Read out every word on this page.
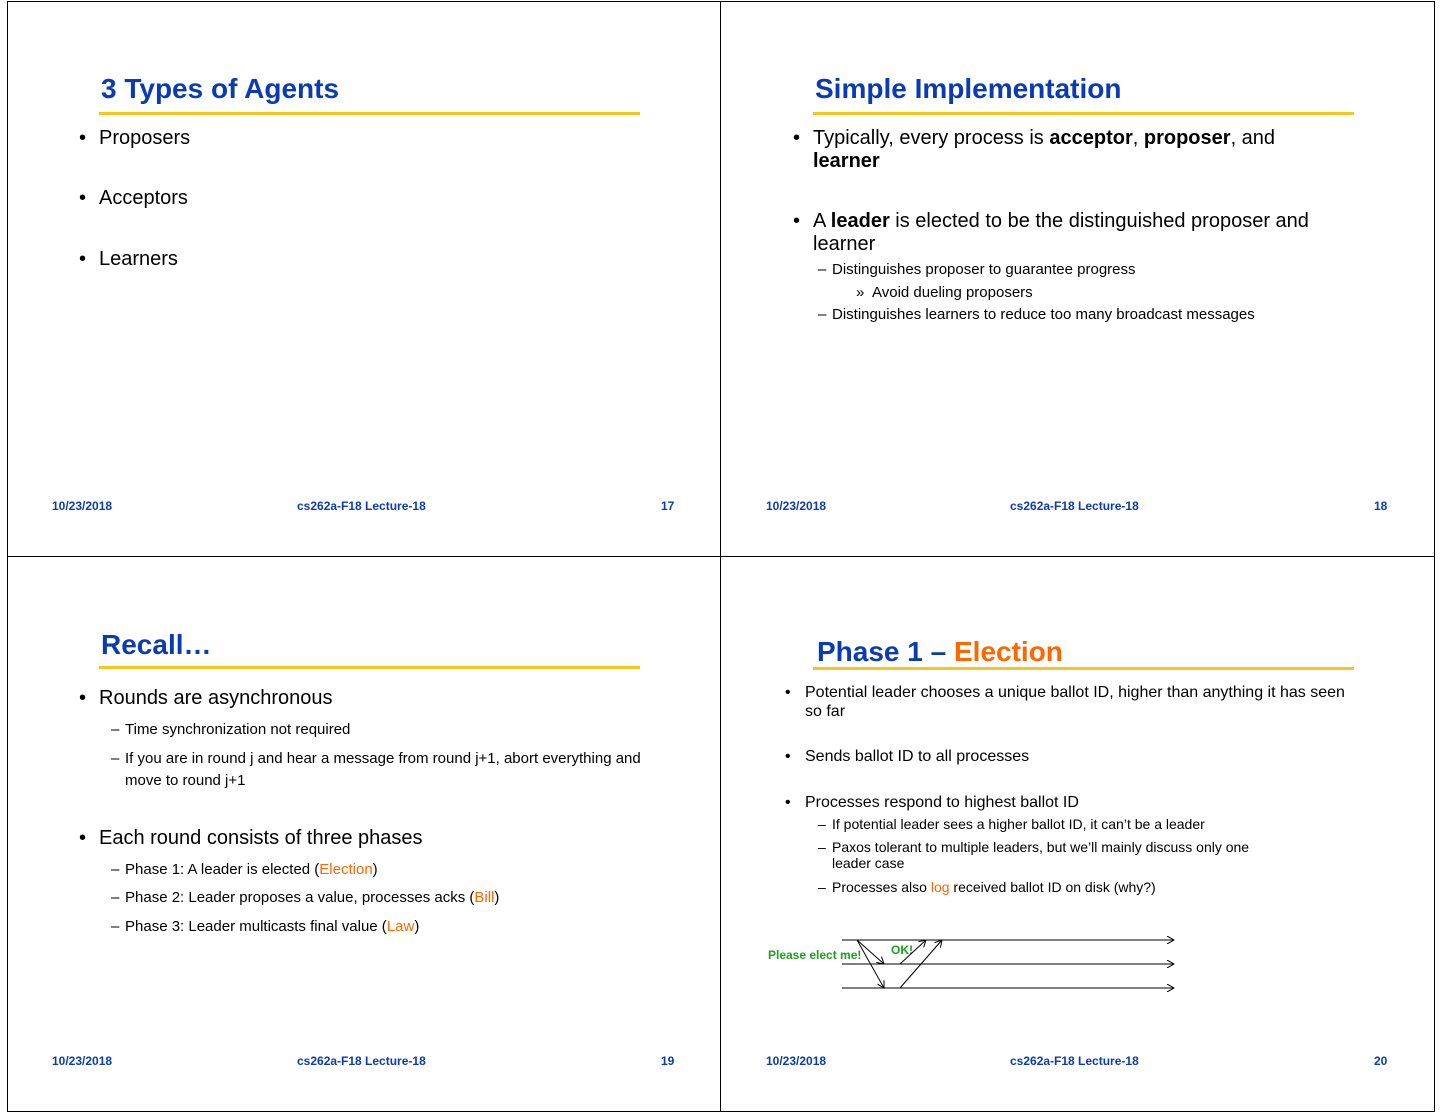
3 Types of Agents
• Proposers
• Acceptors
• Learners
10/23/2018	cs262a-F18 Lecture-18	17
Simple Implementation
• Typically, every process is acceptor, proposer, and
learner
• A leader is elected to be the distinguished proposer and learner
– Distinguishes proposer to guarantee progress
» Avoid dueling proposers
– Distinguishes learners to reduce too many broadcast messages
10/23/2018	cs262a-F18 Lecture-18	18
Recall…
• Rounds are asynchronous
– Time synchronization not required
– If you are in round j and hear a message from round j+1, abort everything and move to round j+1
• Each round consists of three phases
– Phase 1: A leader is elected (Election)
– Phase 2: Leader proposes a value, processes acks (Bill)
– Phase 3: Leader multicasts final value (Law)
10/23/2018	cs262a-F18 Lecture-18	19
Phase 1 – Election
• Potential leader chooses a unique ballot ID, higher than anything it has seen so far
• Sends ballot ID to all processes
• Processes respond to highest ballot ID
– If potential leader sees a higher ballot ID, it can’t be a leader
– Paxos tolerant to multiple leaders, but we’ll mainly discuss only one leader case
– Processes also log received ballot ID on disk (why?)
Please elect me! OK!
10/23/2018	cs262a-F18 Lecture-18	20
